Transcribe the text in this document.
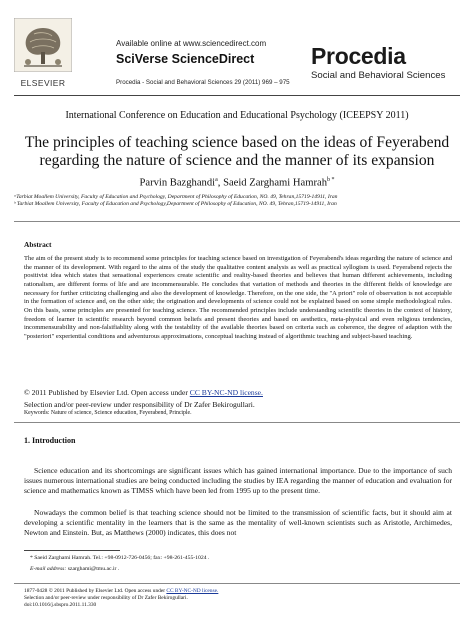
ELSEVIER
Available online at www.sciencedirect.com
SciVerse ScienceDirect
Procedia - Social and Behavioral Sciences 29 (2011) 969 – 975
Procedia
Social and Behavioral Sciences
International Conference on Education and Educational Psychology (ICEEPSY 2011)
The principles of teaching science based on the ideas of Feyerabend
regarding the nature of science and the manner of its expansion
Parvin Bazghandi$^a$, Saeid Zarghami Hamrah$^{b *}$
ᵃTarbiat Moallem University, Faculty of Education and Psychology, Department of Philosophy of Education, NO. 49, Tehran,15719-14911, Iran
ᵇ Tarbiat Moallem University, Faculty of Education and Psychology,Department of Philosophy of Education, NO. 49, Tehran,15719-14911, Iran
Abstract
The aim of the present study is to recommend some principles for teaching science based on investigation of Feyerabend's ideas regarding the nature of science and the manner of its development. With regard to the aims of the study the qualitative content analysis as well as practical syllogism is used. Feyerabend rejects the positivist idea which states that sensational experiences create scientific and reality-based theories and believes that human different achievements, including rationalism, are different forms of life and are incommensurable. He concludes that variation of methods and theories in the different fields of knowledge are necessary for further criticizing challenging and also the development of knowledge. Therefore, on the one side, the "A priori" role of observation is not acceptable in the formation of science and, on the other side; the origination and developments of science could not be explained based on some simple methodological rules. On this basis, some principles are presented for teaching science. The recommended principles include understanding scientific theories in the context of history, freedom of learner in scientific research beyond common beliefs and present theories and based on aesthetics, meta-physical and even religious tendencies, incommensurability and non-falsifiablity along with the testability of the available theories based on criteria such as coherence, the degree of adaption with the "posteriori" experiential conditions and adventurous approximations, conceptual teaching instead of algorithmic teaching and subject-based teaching.
© 2011 Published by Elsevier Ltd. Open access under CC BY-NC-ND license.
Selection and/or peer-review under responsibility of Dr Zafer Bekirogullari.
Keywords: Nature of science, Science education, Feyerabend, Principle.
1. Introduction
Science education and its shortcomings are significant issues which has gained international importance. Due to the importance of such issues numerous international studies are being conducted including the studies by IEA regarding the manner of education and evaluation for science and mathematics known as TIMSS which have been led from 1995 up to the present time.
Nowadays the common belief is that teaching science should not be limited to the transmission of scientific facts, but it should aim at developing a scientific mentality in the learners that is the same as the mentality of well-known scientists such as Aristotle, Archimedes, Newton and Einstein. But, as Matthews (2000) indicates, this does not
* Saeid Zarghami Hamrah. Tel.: +98-0912-726-0456; fax: +98-261-455-1024 .
E-mail address: szarghami@tmu.ac.ir .
1877-0428 © 2011 Published by Elsevier Ltd. Open access under CC BY-NC-ND license.
Selection and/or peer-review under responsibility of Dr Zafer Bekirogullari.
doi:10.1016/j.sbspro.2011.11.330
